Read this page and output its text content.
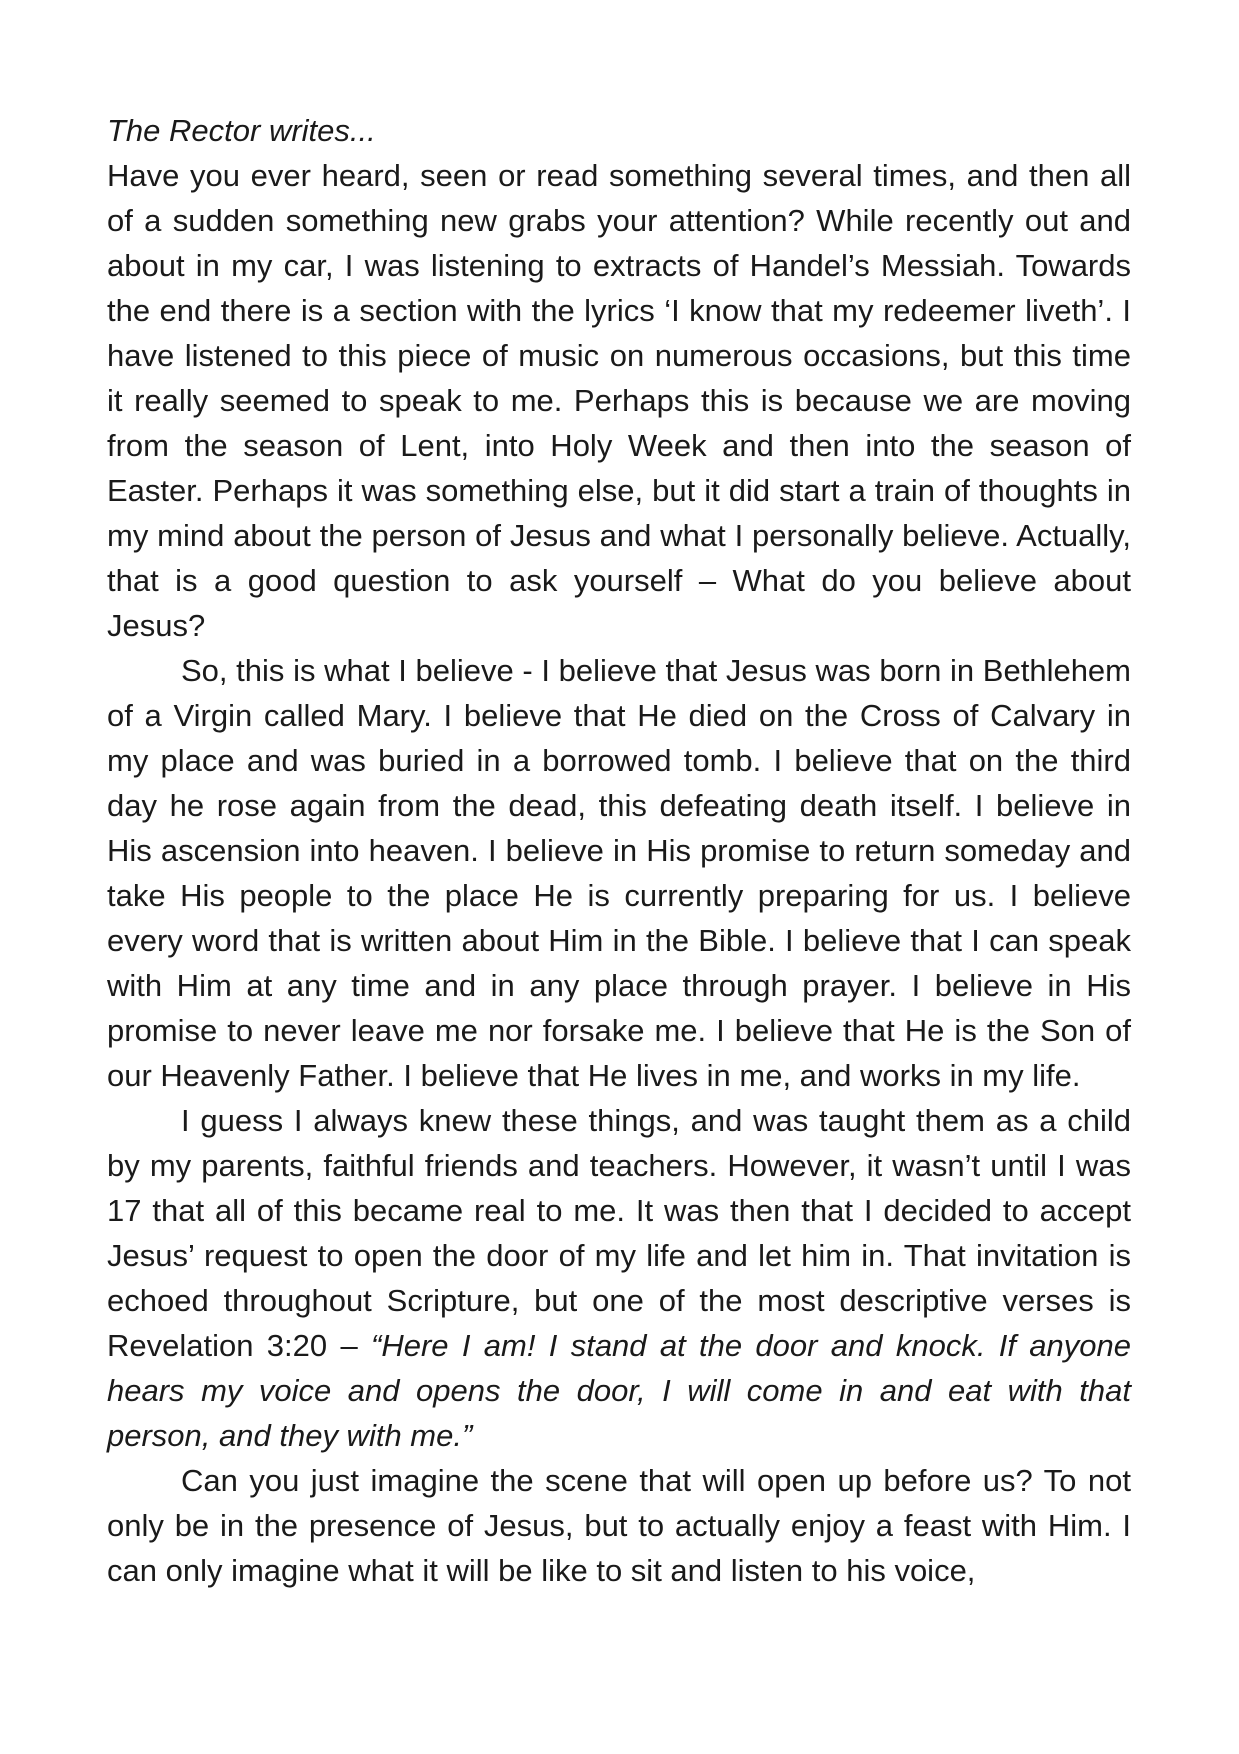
The Rector writes...

Have you ever heard, seen or read something several times, and then all of a sudden something new grabs your attention? While recently out and about in my car, I was listening to extracts of Handel’s Messiah. Towards the end there is a section with the lyrics ‘I know that my redeemer liveth’. I have listened to this piece of music on numerous occasions, but this time it really seemed to speak to me. Perhaps this is because we are moving from the season of Lent, into Holy Week and then into the season of Easter. Perhaps it was something else, but it did start a train of thoughts in my mind about the person of Jesus and what I personally believe. Actually, that is a good question to ask yourself – What do you believe about Jesus?

So, this is what I believe - I believe that Jesus was born in Bethlehem of a Virgin called Mary. I believe that He died on the Cross of Calvary in my place and was buried in a borrowed tomb. I believe that on the third day he rose again from the dead, this defeating death itself. I believe in His ascension into heaven. I believe in His promise to return someday and take His people to the place He is currently preparing for us. I believe every word that is written about Him in the Bible. I believe that I can speak with Him at any time and in any place through prayer. I believe in His promise to never leave me nor forsake me. I believe that He is the Son of our Heavenly Father. I believe that He lives in me, and works in my life.

I guess I always knew these things, and was taught them as a child by my parents, faithful friends and teachers. However, it wasn’t until I was 17 that all of this became real to me. It was then that I decided to accept Jesus’ request to open the door of my life and let him in. That invitation is echoed throughout Scripture, but one of the most descriptive verses is Revelation 3:20 – “Here I am! I stand at the door and knock. If anyone hears my voice and opens the door, I will come in and eat with that person, and they with me.”

Can you just imagine the scene that will open up before us? To not only be in the presence of Jesus, but to actually enjoy a feast with Him. I can only imagine what it will be like to sit and listen to his voice,
